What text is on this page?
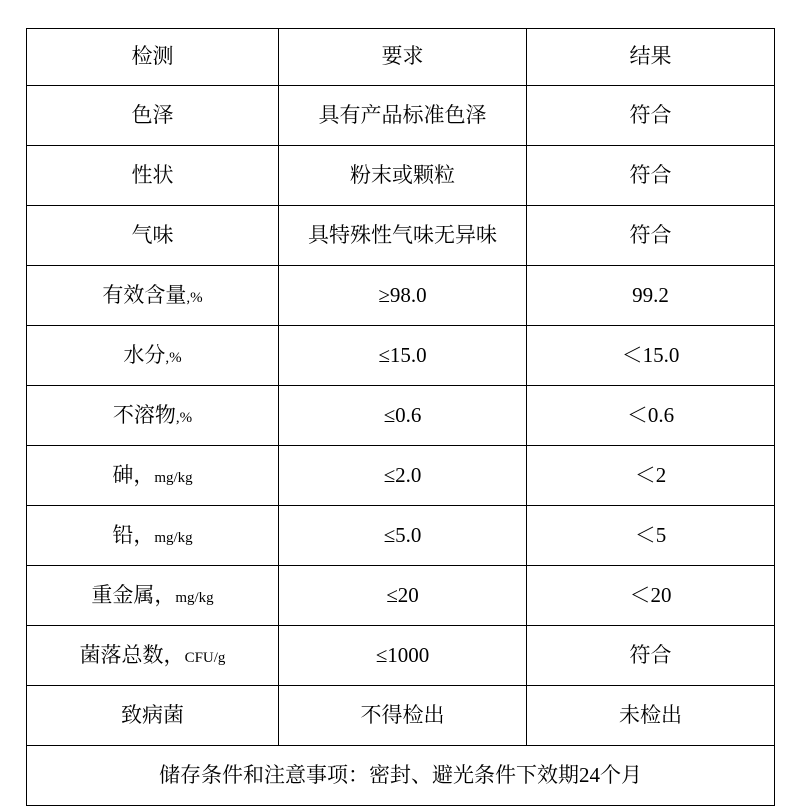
检测	要求	结果
色泽	具有产品标准色泽	符合
性状	粉末或颗粒	符合
气味	具特殊性气味无异味	符合
有效含量,%	≥98.0	99.2
水分,%	≤15.0	＜15.0
不溶物,%	≤0.6	＜0.6
砷，mg/kg	≤2.0	＜2
铅，mg/kg	≤5.0	＜5
重金属，mg/kg	≤20	＜20
菌落总数，CFU/g	≤1000	符合
致病菌	不得检出	未检出
储存条件和注意事项：密封、避光条件下效期24个月		
